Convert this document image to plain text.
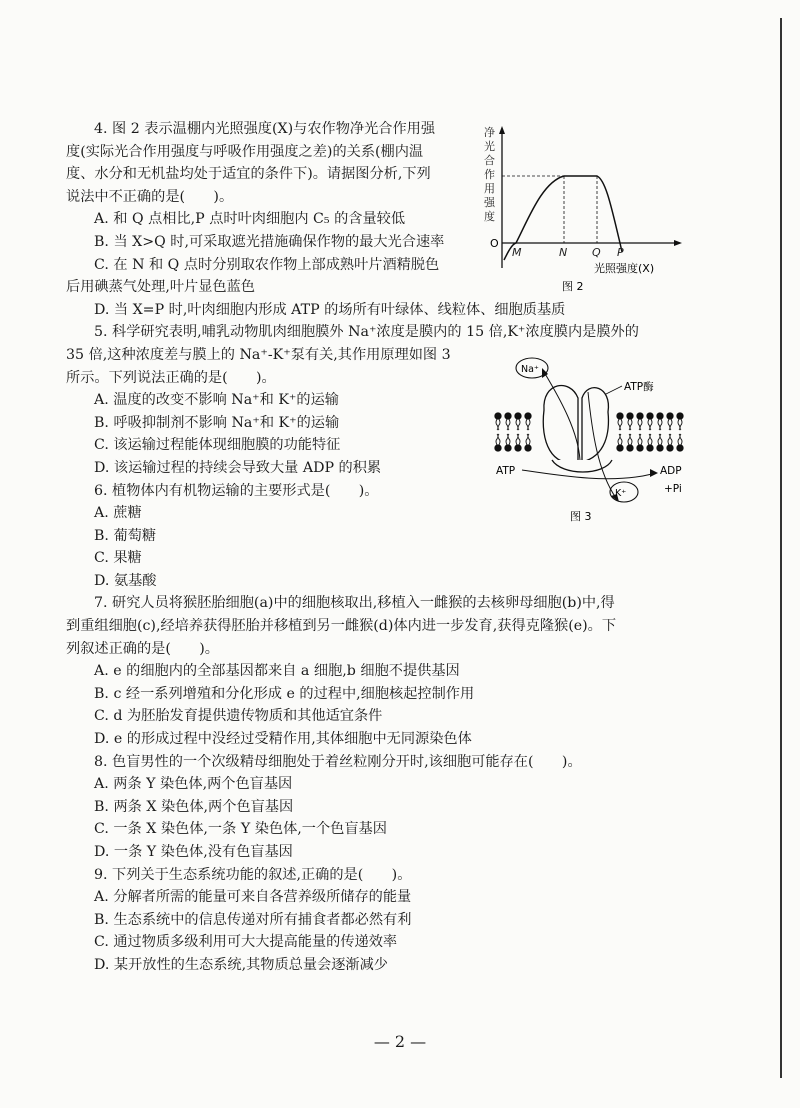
4. 图 2 表示温棚内光照强度(X)与农作物净光合作用强
度(实际光合作用强度与呼吸作用强度之差)的关系(棚内温
度、水分和无机盐均处于适宜的条件下)。请据图分析,下列
说法中不正确的是(　　)。
A. 和 Q 点相比,P 点时叶肉细胞内 C₅ 的含量较低
B. 当 X>Q 时,可采取遮光措施确保作物的最大光合速率
C. 在 N 和 Q 点时分别取农作物上部成熟叶片酒精脱色
后用碘蒸气处理,叶片显色蓝色
D. 当 X=P 时,叶肉细胞内形成 ATP 的场所有叶绿体、线粒体、细胞质基质
5. 科学研究表明,哺乳动物肌肉细胞膜外 Na⁺浓度是膜内的 15 倍,K⁺浓度膜内是膜外的
35 倍,这种浓度差与膜上的 Na⁺-K⁺泵有关,其作用原理如图 3
所示。下列说法正确的是(　　)。
A. 温度的改变不影响 Na⁺和 K⁺的运输
B. 呼吸抑制剂不影响 Na⁺和 K⁺的运输
C. 该运输过程能体现细胞膜的功能特征
D. 该运输过程的持续会导致大量 ADP 的积累
6. 植物体内有机物运输的主要形式是(　　)。
A. 蔗糖
B. 葡萄糖
C. 果糖
D. 氨基酸
7. 研究人员将猴胚胎细胞(a)中的细胞核取出,移植入一雌猴的去核卵母细胞(b)中,得
到重组细胞(c),经培养获得胚胎并移植到另一雌猴(d)体内进一步发育,获得克隆猴(e)。下
列叙述正确的是(　　)。
A. e 的细胞内的全部基因都来自 a 细胞,b 细胞不提供基因
B. c 经一系列增殖和分化形成 e 的过程中,细胞核起控制作用
C. d 为胚胎发育提供遗传物质和其他适宜条件
D. e 的形成过程中没经过受精作用,其体细胞中无同源染色体
8. 色盲男性的一个次级精母细胞处于着丝粒刚分开时,该细胞可能存在(　　)。
A. 两条 Y 染色体,两个色盲基因
B. 两条 X 染色体,两个色盲基因
C. 一条 X 染色体,一条 Y 染色体,一个色盲基因
D. 一条 Y 染色体,没有色盲基因
9. 下列关于生态系统功能的叙述,正确的是(　　)。
A. 分解者所需的能量可来自各营养级所储存的能量
B. 生态系统中的信息传递对所有捕食者都必然有利
C. 通过物质多级利用可大大提高能量的传递效率
D. 某开放性的生态系统,其物质总量会逐渐减少
净
光
合
作
用
强
度
O
M	N Q P
光照强度(X)
图 2
Na⁺
ATP酶
ATP	ADP
+Pi
K⁺
图 3
— 2 —
